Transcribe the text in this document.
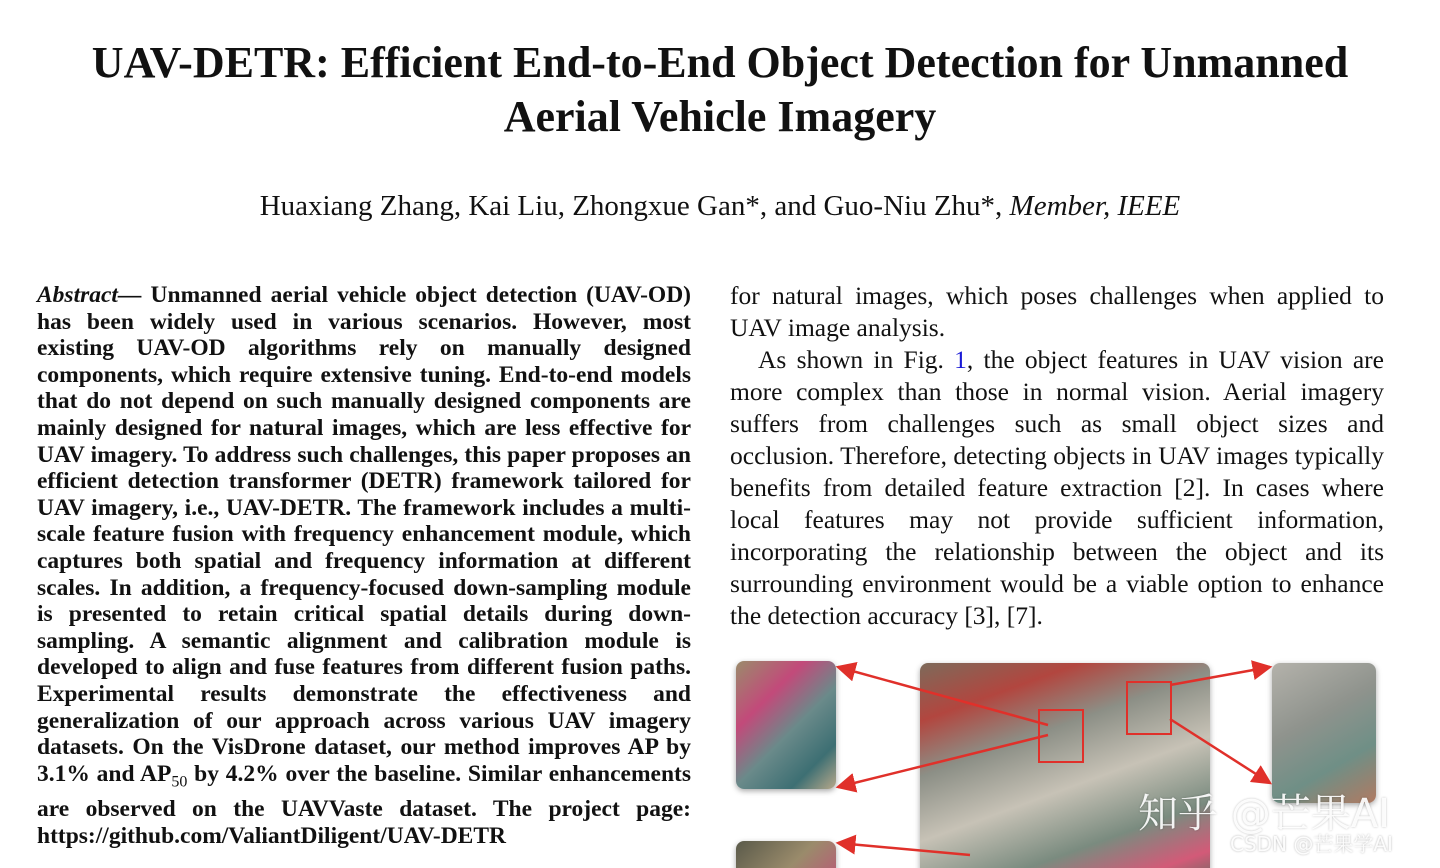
UAV-DETR: Efficient End-to-End Object Detection for Unmanned Aerial Vehicle Imagery
Huaxiang Zhang, Kai Liu, Zhongxue Gan*, and Guo-Niu Zhu*, Member, IEEE

Abstract— Unmanned aerial vehicle object detection (UAV-OD) has been widely used in various scenarios. However, most existing UAV-OD algorithms rely on manually designed components, which require extensive tuning. End-to-end models that do not depend on such manually designed components are mainly designed for natural images, which are less effective for UAV imagery. To address such challenges, this paper proposes an efficient detection transformer (DETR) framework tailored for UAV imagery, i.e., UAV-DETR. The framework includes a multi-scale feature fusion with frequency enhancement module, which captures both spatial and frequency information at different scales. In addition, a frequency-focused down-sampling module is presented to retain critical spatial details during down-sampling. A semantic alignment and calibration module is developed to align and fuse features from different fusion paths. Experimental results demonstrate the effectiveness and generalization of our approach across various UAV imagery datasets. On the VisDrone dataset, our method improves AP by 3.1% and $AP_{50}$ by 4.2% over the baseline. Similar enhancements are observed on the UAVVaste dataset. The project page: https://github.com/ValiantDiligent/UAV-DETR

for natural images, which poses challenges when applied to UAV image analysis.

As shown in Fig. 1, the object features in UAV vision are more complex than those in normal vision. Aerial imagery suffers from challenges such as small object sizes and occlusion. Therefore, detecting objects in UAV images typically benefits from detailed feature extraction [2]. In cases where local features may not provide sufficient information, incorporating the relationship between the object and its surrounding environment would be a viable option to enhance the detection accuracy [3], [7].

知乎 @芒果AI
CSDN @芒果学AI
